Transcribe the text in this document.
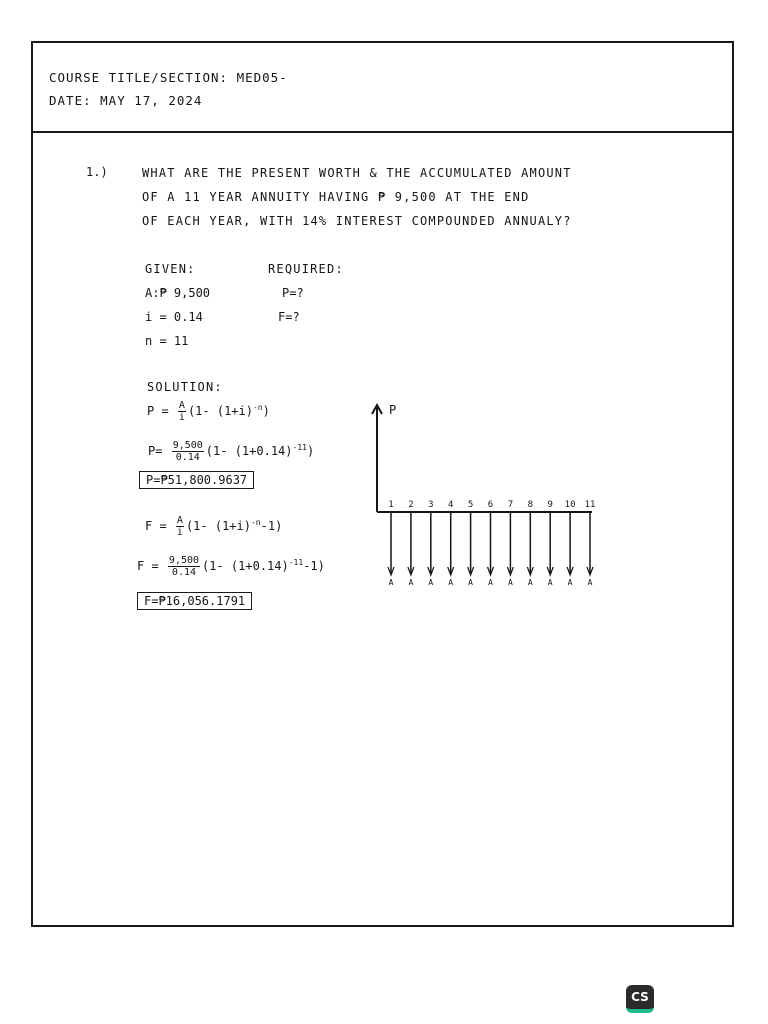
COURSE TITLE/SECTION: MED05-
DATE: MAY 17, 2024
1.)	WHAT ARE THE PRESENT WORTH & THE ACCUMULATED AMOUNT
OF A 11 YEAR ANNUITY HAVING ₱ 9,500 AT THE END
OF EACH YEAR, WITH 14% INTEREST COMPOUNDED ANNUALY?
GIVEN:
A:₱ 9,500
i = 0.14
n = 11
REQUIRED:
P=?
F=?
SOLUTION:
$P = \frac{A}{i} (1-$ $(1+i)^{-n}$)
$P= \frac{9,500}{0.14} (1-$ $(1+0.14)^{-11}$)
P=₱51,800.9637
$F = \frac{A}{i} (1-$ $(1+i)^{-n}-1$)
$F = \frac{9,500}{0.14} (1-$ $(1+0.14)^{-11}-1$)
F=₱16,056.1791
P
1
A
2
A
3
A
4
A
5
A
6
A
7
A
8
A
9
A
10
A
11
A
CS
